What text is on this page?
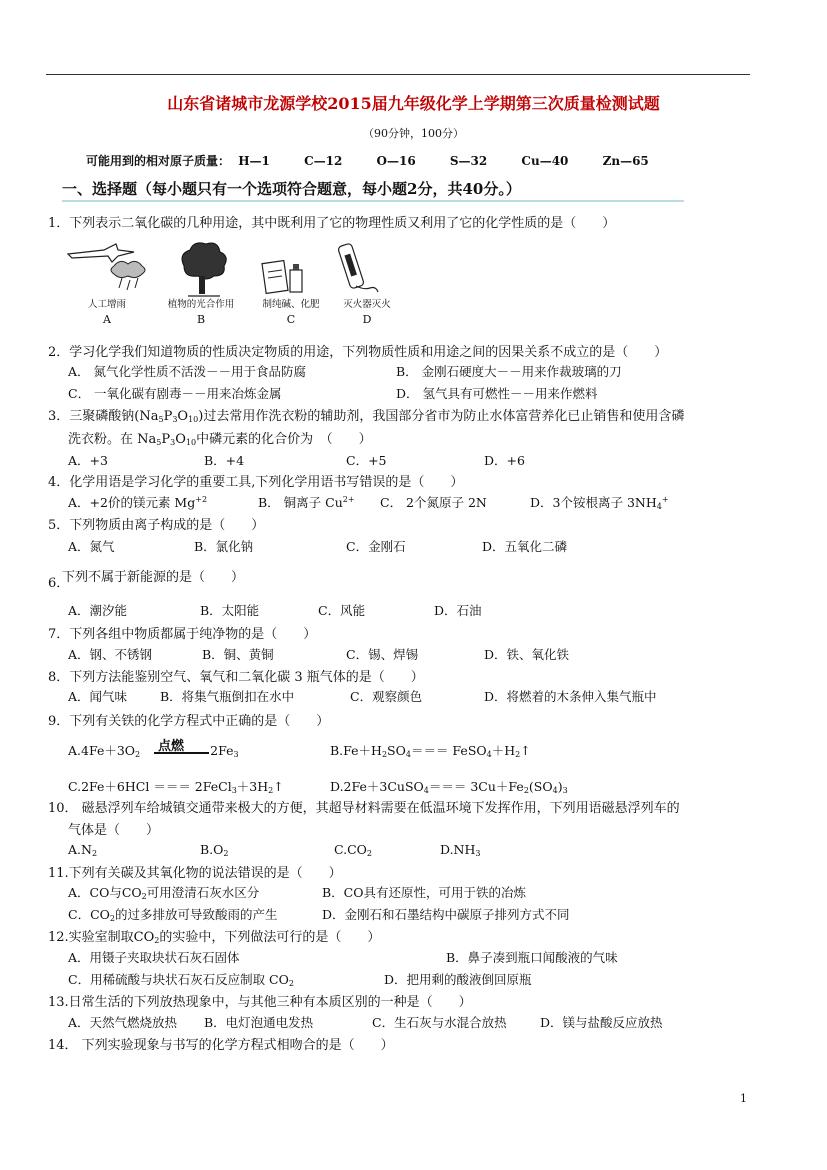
山东省诸城市龙源学校2015届九年级化学上学期第三次质量检测试题
（90分钟，100分）
可能用到的相对原子质量： H—1	C—12	O—16	S—32	Cu—40	Zn—65
一、选择题（每小题只有一个选项符合题意，每小题2分，共40分。）
1．下列表示二氧化碳的几种用途，其中既利用了它的物理性质又利用了它的化学性质的是（　　）
人工增雨	植物的光合作用	制纯碱、化肥	灭火器灭火
A	B	C	D
2．学习化学我们知道物质的性质决定物质的用途，下列物质性质和用途之间的因果关系不成立的是（　　）
A． 氮气化学性质不活泼－－用于食品防腐	B． 金刚石硬度大－－用来作裁玻璃的刀
C． 一氧化碳有剧毒－－用来冶炼金属	D． 氢气具有可燃性－－用来作燃料
3．三聚磷酸钠$(Na_5P_3O_{10})$过去常用作洗衣粉的辅助剂，我国部分省市为防止水体富营养化已止销售和使用含磷
洗衣粉。在 $Na_5P_3O_{10}$中磷元素的化合价为　（　　）
A．+3	B．+4	C．+5	D．+6
4．化学用语是学习化学的重要工具,下列化学用语书写错误的是（　　）
A．+2价的镁元素 $Mg^{+2}$	B． 铜离子 $Cu^{2+}$ C． 2个氮原子 2N	D．3个铵根离子 $3NH_4^+$
5．下列物质由离子构成的是（　　）
A．氮气	B．氯化钠	C．金刚石	D．五氧化二磷
6．
下列不属于新能源的是（　　）
A．潮汐能	B．太阳能	C．风能	D．石油
7．下列各组中物质都属于纯净物的是（　　）
A．钢、不锈钢	B．铜、黄铜	C．锡、焊锡	D．铁、氧化铁
8．下列方法能鉴别空气、氧气和二氧化碳 3 瓶气体的是（　　）
A．闻气味	B．将集气瓶倒扣在水中	C．观察颜色	D．将燃着的木条伸入集气瓶中
9．下列有关铁的化学方程式中正确的是（　　）
点燃
$A.4Fe+3O_2$	$2Fe_3$	$B.Fe+H_2SO_4===$ $FeSO_4+H_2↑$
C.2Fe＋6HCl ＝＝＝ $2FeCl_3+3H_2↑$	D.2Fe＋3CuSO$_4$＝＝＝ $3Cu+Fe_2(SO_4)_3$
10． 磁悬浮列车给城镇交通带来极大的方便，其超导材料需要在低温环境下发挥作用，下列用语磁悬浮列车的
气体是（　　）
$A.N_2$	$B.O_2$	$C.CO_2$	$D.NH_3$
11.下列有关碳及其氧化物的说法错误的是（　　）
A．CO与$CO_2$可用澄清石灰水区分	B．CO具有还原性，可用于铁的冶炼
C．$CO_2$的过多排放可导致酸雨的产生	D．金刚石和石墨结构中碳原子排列方式不同
12.实验室制取$CO_2$的实验中，下列做法可行的是（　　）
A．用镊子夹取块状石灰石固体	B．鼻子凑到瓶口闻酸液的气味
C．用稀硫酸与块状石灰石反应制取 $CO_2$	D．把用剩的酸液倒回原瓶
13.日常生活的下列放热现象中，与其他三种有本质区别的一种是（　　）
A．天然气燃烧放热 B．电灯泡通电发热	C．生石灰与水混合放热	D．镁与盐酸反应放热
14． 下列实验现象与书写的化学方程式相吻合的是（　　）
1
